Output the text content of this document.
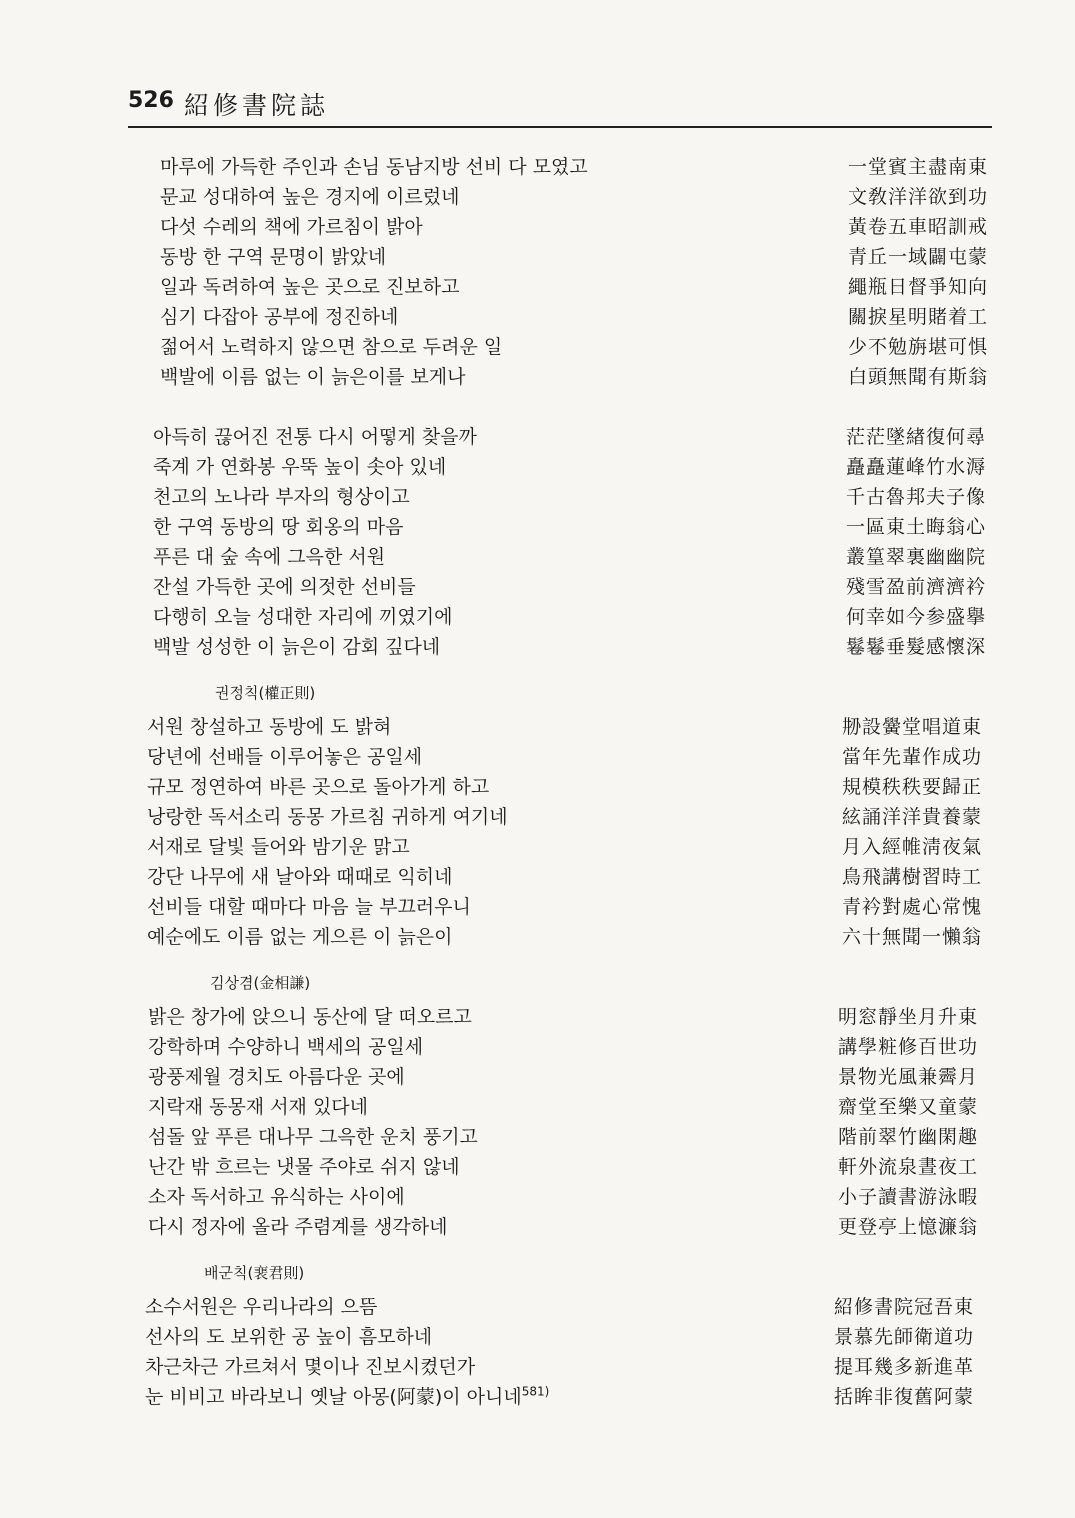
526 紹修書院誌
마루에 가득한 주인과 손님 동남지방 선비 다 모였고	一堂賓主盡南東
문교 성대하여 높은 경지에 이르렀네	文敎洋洋欲到功
다섯 수레의 책에 가르침이 밝아	黃卷五車昭訓戒
동방 한 구역 문명이 밝았네	青丘一域闢屯蒙
일과 독려하여 높은 곳으로 진보하고	繩瓶日督爭知向
심기 다잡아 공부에 정진하네	關捩星明賭着工
젊어서 노력하지 않으면 참으로 두려운 일	少不勉旃堪可惧
백발에 이름 없는 이 늙은이를 보게나	白頭無聞有斯翁
아득히 끊어진 전통 다시 어떻게 찾을까	茫茫墜緖復何尋
죽계 가 연화봉 우뚝 높이 솟아 있네	矗矗蓮峰竹水溽
천고의 노나라 부자의 형상이고	千古魯邦夫子像
한 구역 동방의 땅 회옹의 마음	一區東土晦翁心
푸른 대 숲 속에 그윽한 서원	叢篁翠裏幽幽院
잔설 가득한 곳에 의젓한 선비들	殘雪盈前濟濟衿
다행히 오늘 성대한 자리에 끼였기에	何幸如今参盛擧
백발 성성한 이 늙은이 감회 깊다네	鬈鬈垂髮感懷深
권정칙(權正則)
서원 창설하고 동방에 도 밝혀	刱設黌堂唱道東
당년에 선배들 이루어놓은 공일세	當年先輩作成功
규모 정연하여 바른 곳으로 돌아가게 하고	規模秩秩要歸正
낭랑한 독서소리 동몽 가르침 귀하게 여기네	絃誦洋洋貴養蒙
서재로 달빛 들어와 밤기운 맑고	月入經帷淸夜氣
강단 나무에 새 날아와 때때로 익히네	鳥飛講樹習時工
선비들 대할 때마다 마음 늘 부끄러우니	青衿對處心常愧
예순에도 이름 없는 게으른 이 늙은이	六十無聞一懶翁
김상겸(金相謙)
밝은 창가에 앉으니 동산에 달 떠오르고	明窓靜坐月升東
강학하며 수양하니 백세의 공일세	講學粧修百世功
광풍제월 경치도 아름다운 곳에	景物光風兼霽月
지락재 동몽재 서재 있다네	齋堂至樂又童蒙
섬돌 앞 푸른 대나무 그윽한 운치 풍기고	階前翠竹幽閑趣
난간 밖 흐르는 냇물 주야로 쉬지 않네	軒外流泉晝夜工
소자 독서하고 유식하는 사이에	小子讀書游泳暇
다시 정자에 올라 주렴계를 생각하네	更登亭上憶濂翁
배군칙(裵君則)
소수서원은 우리나라의 으뜸	紹修書院冠吾東
선사의 도 보위한 공 높이 흠모하네	景慕先師衛道功
차근차근 가르쳐서 몇이나 진보시켰던가	提耳幾多新進革
눈 비비고 바라보니 옛날 아몽(阿蒙)이 아니네$^{581)}$	括眸非復舊阿蒙
